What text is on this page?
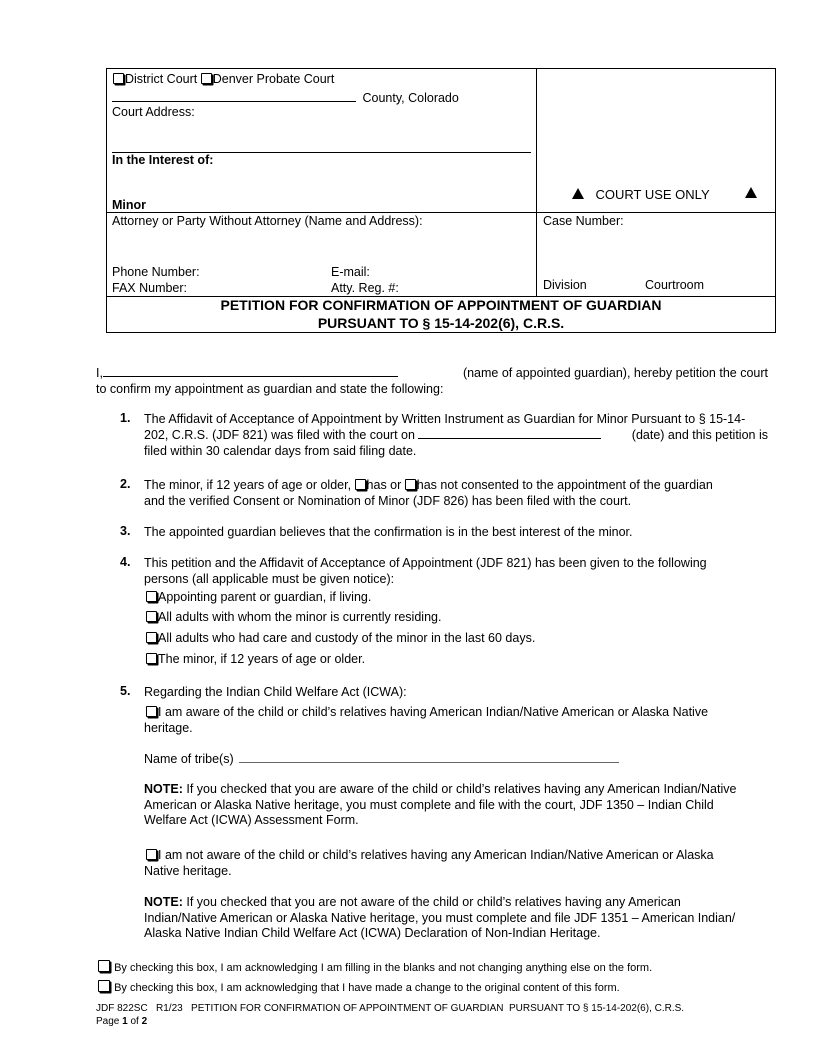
District Court Denver Probate Court
County, Colorado
Court Address:
In the Interest of:
Minor
COURT USE ONLY
Attorney or Party Without Attorney (Name and Address):	Case Number:
Phone Number:	E-mail:
FAX Number:	Atty. Reg. #:	Division	Courtroom
PETITION FOR CONFIRMATION OF APPOINTMENT OF GUARDIAN
PURSUANT TO § 15-14-202(6), C.R.S.
I,	(name of appointed guardian), hereby petition the court
to confirm my appointment as guardian and state the following:
1. The Affidavit of Acceptance of Appointment by Written Instrument as Guardian for Minor Pursuant to § 15-14-
202, C.R.S. (JDF 821) was filed with the court on	(date) and this petition is
filed within 30 calendar days from said filing date.
2. The minor, if 12 years of age or older, has or has not consented to the appointment of the guardian
and the verified Consent or Nomination of Minor (JDF 826) has been filed with the court.
3. The appointed guardian believes that the confirmation is in the best interest of the minor.
4. This petition and the Affidavit of Acceptance of Appointment (JDF 821) has been given to the following
persons (all applicable must be given notice):
Appointing parent or guardian, if living.
All adults with whom the minor is currently residing.
All adults who had care and custody of the minor in the last 60 days.
The minor, if 12 years of age or older.
5. Regarding the Indian Child Welfare Act (ICWA):
I am aware of the child or child’s relatives having American Indian/Native American or Alaska Native
heritage.
Name of tribe(s)
NOTE: If you checked that you are aware of the child or child’s relatives having any American Indian/Native
American or Alaska Native heritage, you must complete and file with the court, JDF 1350 – Indian Child
Welfare Act (ICWA) Assessment Form.
I am not aware of the child or child’s relatives having any American Indian/Native American or Alaska
Native heritage.
NOTE: If you checked that you are not aware of the child or child’s relatives having any American
Indian/Native American or Alaska Native heritage, you must complete and file JDF 1351 – American Indian/
Alaska Native Indian Child Welfare Act (ICWA) Declaration of Non-Indian Heritage.
By checking this box, I am acknowledging I am filling in the blanks and not changing anything else on the form.
By checking this box, I am acknowledging that I have made a change to the original content of this form.
JDF 822SC   R1/23   PETITION FOR CONFIRMATION OF APPOINTMENT OF GUARDIAN  PURSUANT TO § 15-14-202(6), C.R.S.
Page 1 of 2
